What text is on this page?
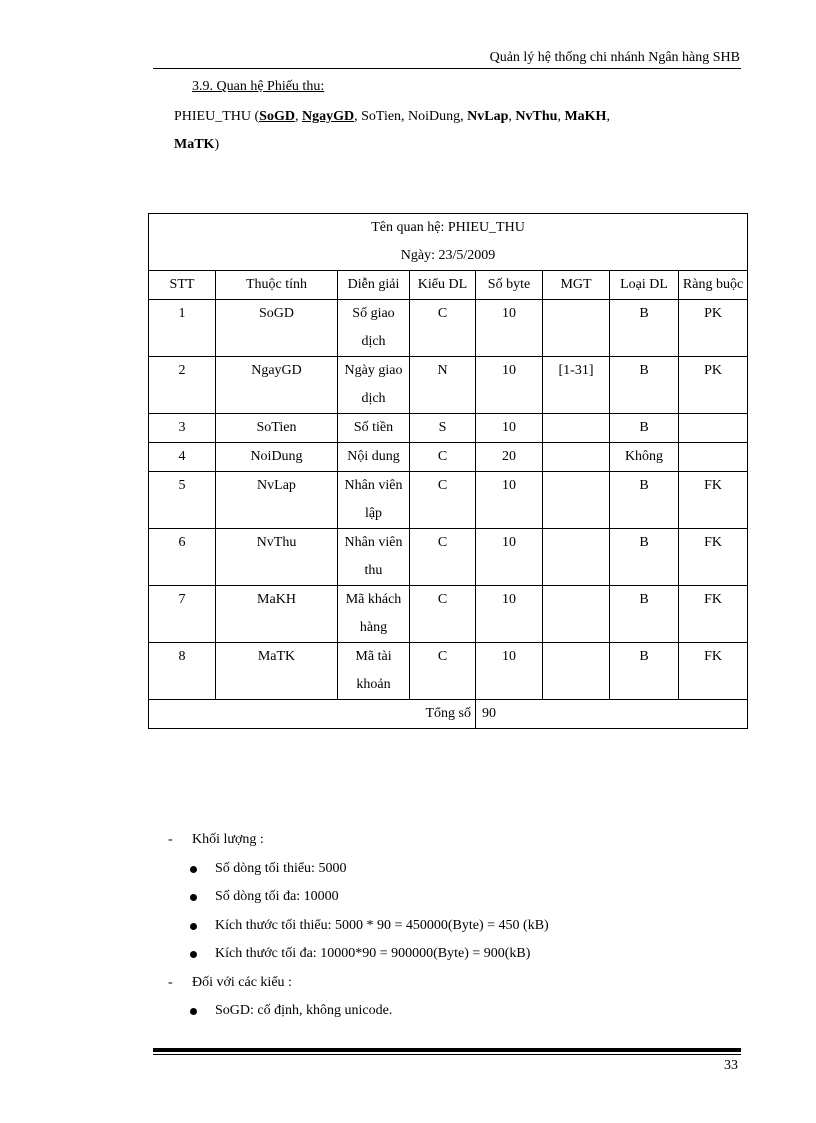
Quản lý hệ thống chi nhánh Ngân hàng SHB
3.9. Quan hệ Phiếu thu:
PHIEU_THU (SoGD, NgayGD, SoTien, NoiDung, NvLap, NvThu, MaKH,
MaTK)
Tên quan hệ: PHIEU_THU
Ngày: 23/5/2009							

STT	Thuộc tính	Diễn giải	Kiểu DL	Số byte	MGT	Loại DL	Ràng buộc
1	SoGD	Số giao dịch	C	10		B	PK
2	NgayGD	Ngày giao dịch	N	10	[1-31]	B	PK
3	SoTien	Số tiền	S	10		B	
4	NoiDung	Nội dung	C	20		Không	
5	NvLap	Nhân viên lập	C	10		B	FK
6	NvThu	Nhân viên thu	C	10		B	FK
7	MaKH	Mã khách hàng	C	10		B	FK
8	MaTK	Mã tài khoản	C	10		B	FK
Tổng số				90			
-	Khối lượng :
Số dòng tối thiểu: 5000
Số dòng tối đa: 10000
Kích thước tối thiểu: 5000 * 90 = 450000(Byte) = 450 (kB)
Kích thước tối đa: 10000*90 = 900000(Byte) = 900(kB)
-	Đối với các kiểu :
SoGD: cố định, không unicode.
33
